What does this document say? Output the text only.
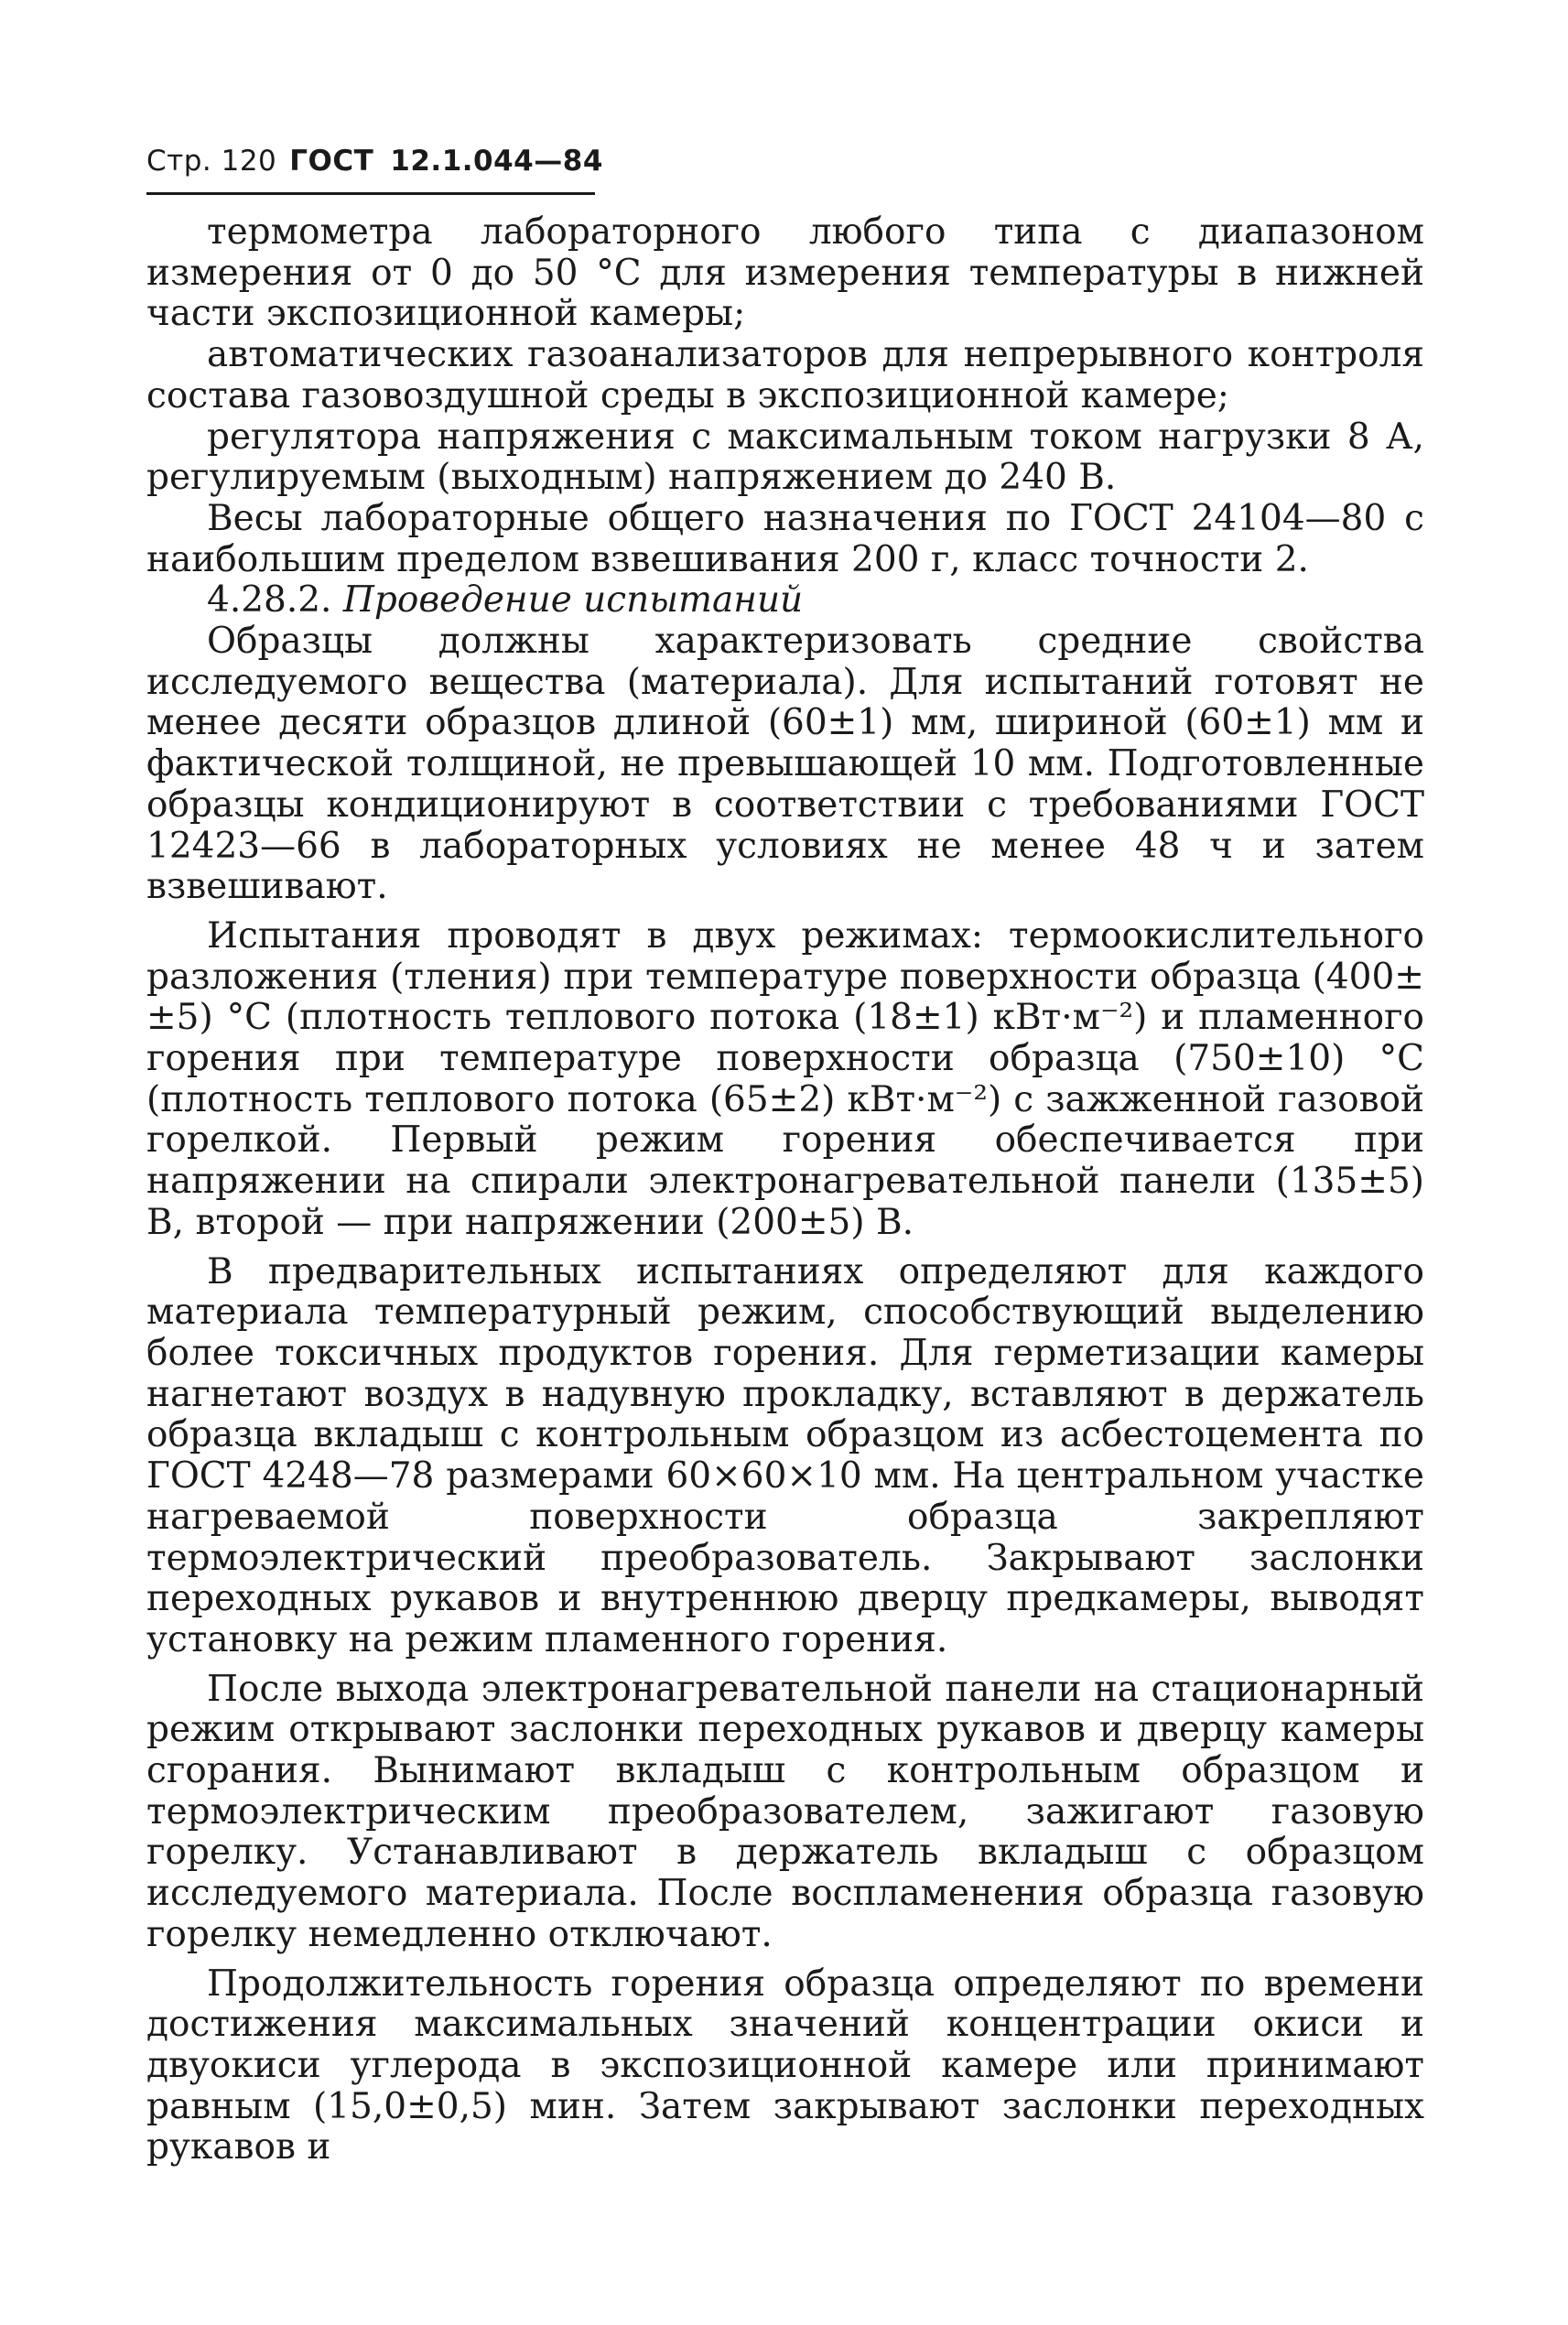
Стр. 120 ГОСТ 12.1.044—84

термометра лабораторного любого типа с диапазоном измерения от 0 до 50 °С для измерения температуры в нижней части экспозиционной камеры;

автоматических газоанализаторов для непрерывного контроля состава газовоздушной среды в экспозиционной камере;

регулятора напряжения с максимальным током нагрузки 8 А, регулируемым (выходным) напряжением до 240 В.

Весы лабораторные общего назначения по ГОСТ 24104—80 с наибольшим пределом взвешивания 200 г, класс точности 2.

4.28.2. Проведение испытаний

Образцы должны характеризовать средние свойства исследуемого вещества (материала). Для испытаний готовят не менее десяти образцов длиной (60±1) мм, шириной (60±1) мм и фактической толщиной, не превышающей 10 мм. Подготовленные образцы кондиционируют в соответствии с требованиями ГОСТ 12423—66 в лабораторных условиях не менее 48 ч и затем взвешивают.

Испытания проводят в двух режимах: термоокислительного разложения (тления) при температуре поверхности образца (400±±5) °С (плотность теплового потока (18±1) кВт·м⁻²) и пламенного горения при температуре поверхности образца (750±10) °С (плотность теплового потока (65±2) кВт·м⁻²) с зажженной газовой горелкой. Первый режим горения обеспечивается при напряжении на спирали электронагревательной панели (135±5) В, второй — при напряжении (200±5) В.

В предварительных испытаниях определяют для каждого материала температурный режим, способствующий выделению более токсичных продуктов горения. Для герметизации камеры нагнетают воздух в надувную прокладку, вставляют в держатель образца вкладыш с контрольным образцом из асбестоцемента по ГОСТ 4248—78 размерами 60×60×10 мм. На центральном участке нагреваемой поверхности образца закрепляют термоэлектрический преобразователь. Закрывают заслонки переходных рукавов и внутреннюю дверцу предкамеры, выводят установку на режим пламенного горения.

После выхода электронагревательной панели на стационарный режим открывают заслонки переходных рукавов и дверцу камеры сгорания. Вынимают вкладыш с контрольным образцом и термоэлектрическим преобразователем, зажигают газовую горелку. Устанавливают в держатель вкладыш с образцом исследуемого материала. После воспламенения образца газовую горелку немедленно отключают.

Продолжительность горения образца определяют по времени достижения максимальных значений концентрации окиси и двуокиси углерода в экспозиционной камере или принимают равным (15,0±0,5) мин. Затем закрывают заслонки переходных рукавов и
